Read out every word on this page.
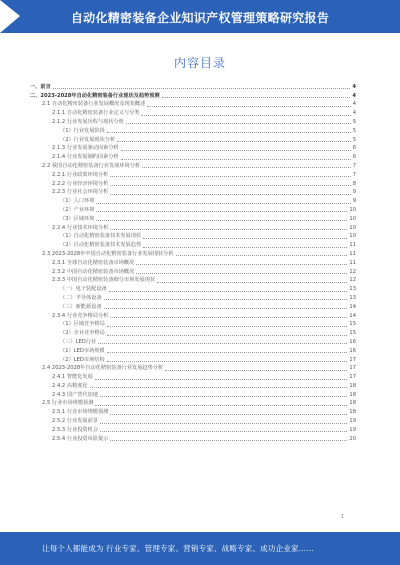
自动化精密装备企业知识产权管理策略研究报告
内容目录
一、前言	4
二、2023-2028年自动化精密装备行业现状及趋势预测	4
2.1 自动化精密装备行业发展概况及现状概述	4
2.1.1 自动化精密装备行业定义与分类	4
2.1.2 行业发展历程与现状分析	5
（1）行业发展阶段	5
（2）行业发展现状分析	5
2.1.3 行业发展驱动因素分析	6
2.1.4 行业发展制约因素分析	6
2.2 我国自动化精密装备行业发展环境分析	7
2.2.1 行业政策环境分析	7
2.2.2 行业经济环境分析	8
2.2.3 行业社会环境分析	9
（1）人口环境	9
（2）产业环境	10
（3）区域环境	10
2.2.4 行业技术环境分析	10
（1）自动化精密装备技术发展现状	10
（2）自动化精密装备技术发展趋势	11
2.3 2023-2028年中国自动化精密装备行业发展现状分析	11
2.3.1 全球自动化精密装备市场概况	11
2.3.2 中国自动化精密装备市场概况	12
2.3.3 中国自动化精密装备细分市场发展现状	12
（一）电子装配设备	13
（二）半导体设备	13
（三）新能源设备	14
2.3.4 行业竞争格局分析	14
（1）区域竞争格局	15
（2）企业竞争格局	15
（三）LED行业	16
（1）LED市场规模	16
（2）LED市场结构	17
2.4 2023-2028年自动化精密装备行业发展趋势分析	17
2.4.1 智能化发展	17
2.4.2 高精度化	18
2.4.3 国产替代加速	18
2.5 行业市场规模预测	18
2.5.1 行业市场规模预测	18
2.5.2 行业发展前景	19
2.5.3 行业投资机会	19
2.5.4 行业投资风险提示	20
1
让每个人都能成为 行业专家、管理专家、营销专家、战略专家、成功企业家……
